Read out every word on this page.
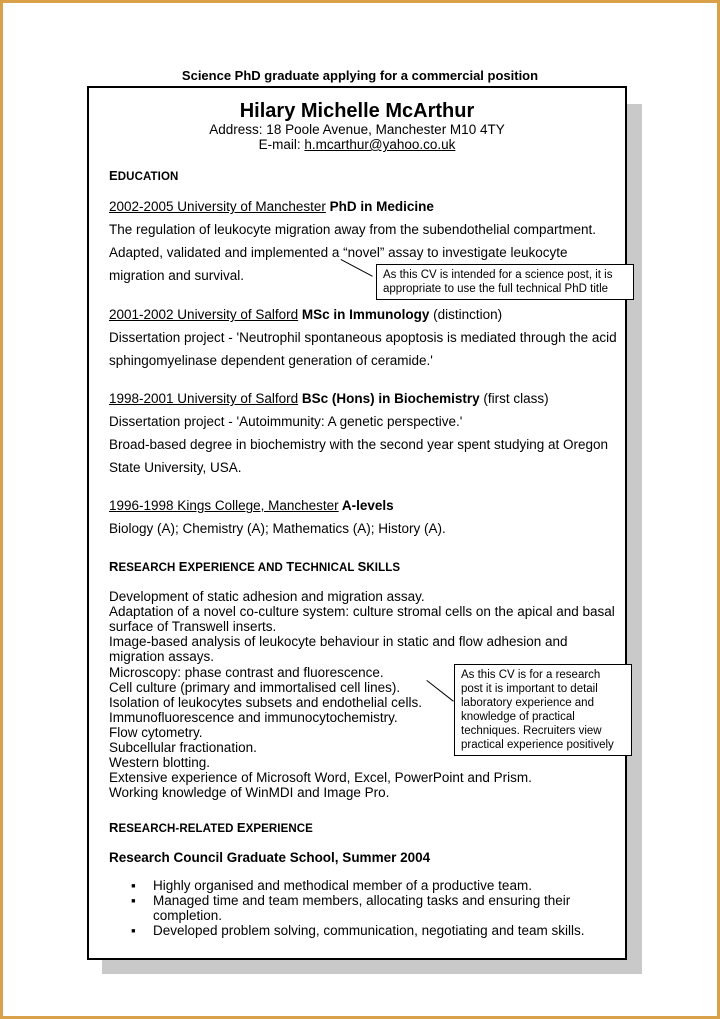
Science PhD graduate applying for a commercial position
Hilary Michelle McArthur
Address: 18 Poole Avenue, Manchester M10 4TY
E-mail: h.mcarthur@yahoo.co.uk
EDUCATION
2002-2005 University of Manchester PhD in Medicine
The regulation of leukocyte migration away from the subendothelial compartment.
Adapted, validated and implemented a “novel” assay to investigate leukocyte
migration and survival.
2001-2002 University of Salford MSc in Immunology (distinction)
Dissertation project - 'Neutrophil spontaneous apoptosis is mediated through the acid
sphingomyelinase dependent generation of ceramide.'
1998-2001 University of Salford BSc (Hons) in Biochemistry (first class)
Dissertation project - 'Autoimmunity: A genetic perspective.'
Broad-based degree in biochemistry with the second year spent studying at Oregon
State University, USA.
1996-1998 Kings College, Manchester A-levels
Biology (A); Chemistry (A); Mathematics (A); History (A).
As this CV is intended for a science post, it is appropriate to use the full technical PhD title
RESEARCH EXPERIENCE AND TECHNICAL SKILLS
Development of static adhesion and migration assay.
Adaptation of a novel co-culture system: culture stromal cells on the apical and basal
surface of Transwell inserts.
Image-based analysis of leukocyte behaviour in static and flow adhesion and
migration assays.
Microscopy: phase contrast and fluorescence.
Cell culture (primary and immortalised cell lines).
Isolation of leukocytes subsets and endothelial cells.
Immunofluorescence and immunocytochemistry.
Flow cytometry.
Subcellular fractionation.
Western blotting.
Extensive experience of Microsoft Word, Excel, PowerPoint and Prism.
Working knowledge of WinMDI and Image Pro.
As this CV is for a research post it is important to detail laboratory experience and knowledge of practical techniques. Recruiters view practical experience positively
RESEARCH-RELATED EXPERIENCE
Research Council Graduate School, Summer 2004
▪ Highly organised and methodical member of a productive team.
▪ Managed time and team members, allocating tasks and ensuring their completion.
▪ Developed problem solving, communication, negotiating and team skills.
